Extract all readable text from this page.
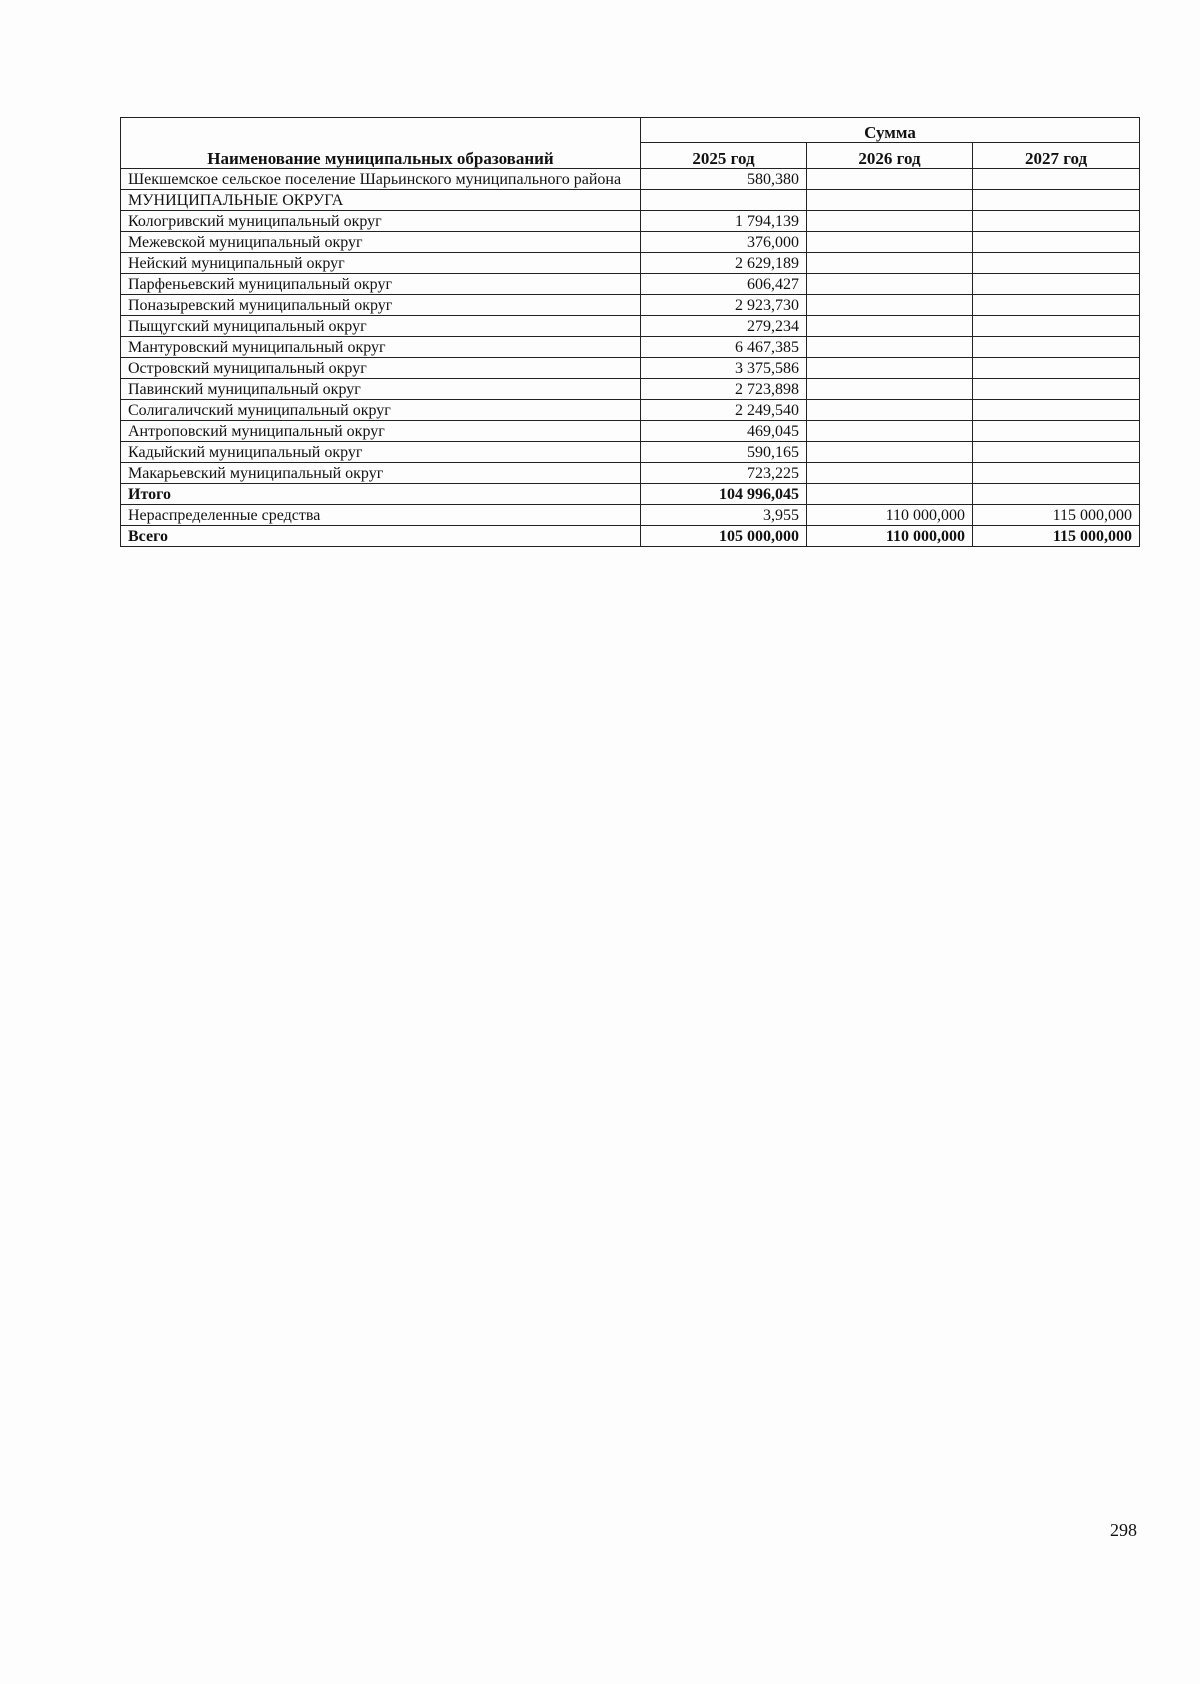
Наименование муниципальных образований	Сумма		
	2025 год	2026 год	2027 год
Шекшемское сельское поселение Шарьинского муниципального района	580,380		
МУНИЦИПАЛЬНЫЕ ОКРУГА			
Кологривский муниципальный округ	1 794,139		
Межевской муниципальный округ	376,000		
Нейский муниципальный округ	2 629,189		
Парфеньевский муниципальный округ	606,427		
Поназыревский муниципальный округ	2 923,730		
Пыщугский муниципальный округ	279,234		
Мантуровский муниципальный округ	6 467,385		
Островский муниципальный округ	3 375,586		
Павинский муниципальный округ	2 723,898		
Солигаличский муниципальный округ	2 249,540		
Антроповский муниципальный округ	469,045		
Кадыйский муниципальный округ	590,165		
Макарьевский муниципальный округ	723,225		
Итого	104 996,045		
Нераспределенные средства	3,955	110 000,000	115 000,000
Всего	105 000,000	110 000,000	115 000,000
298
